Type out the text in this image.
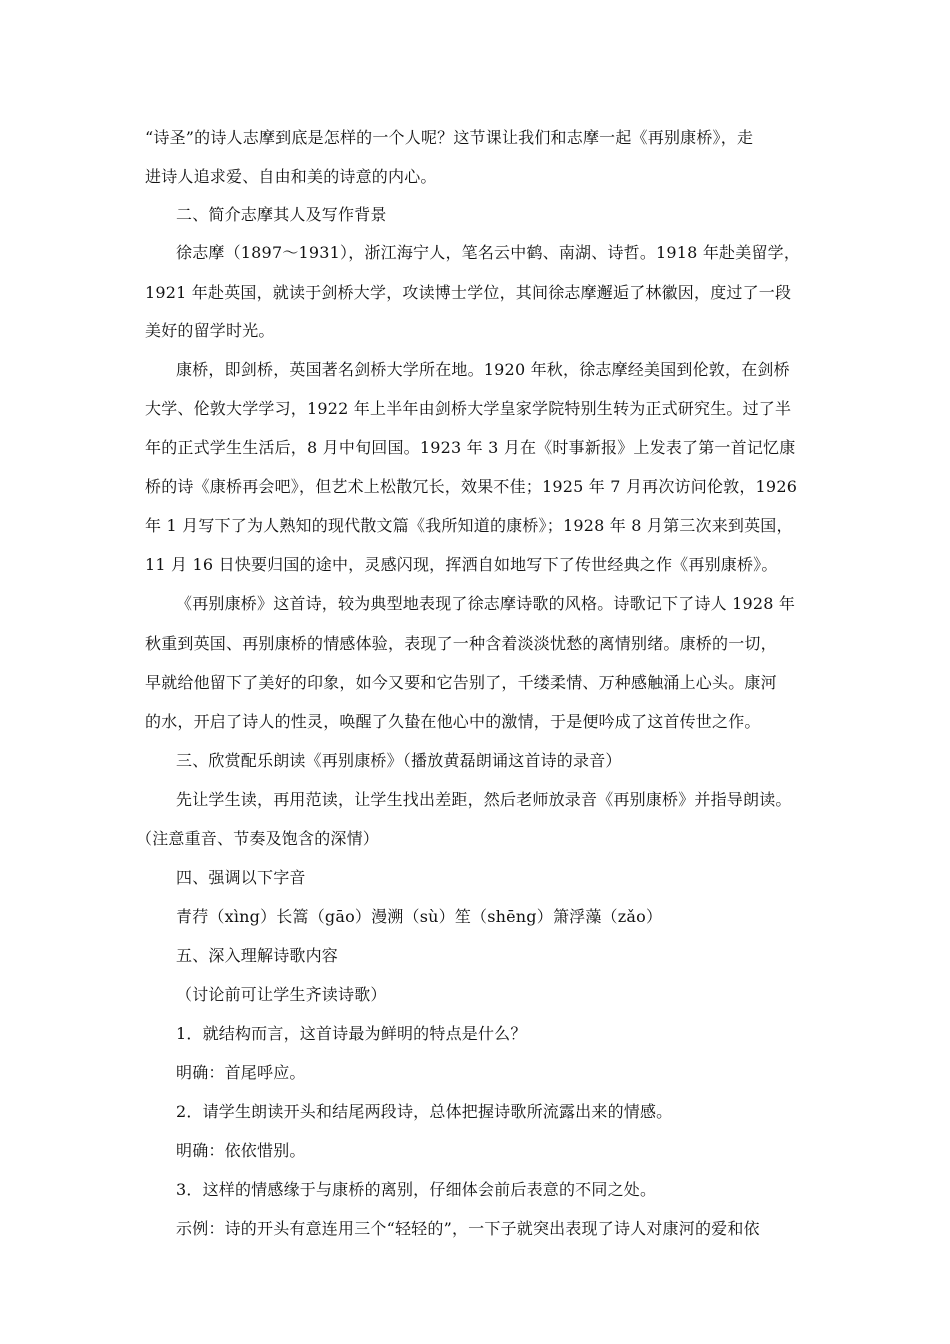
“诗圣”的诗人志摩到底是怎样的一个人呢？这节课让我们和志摩一起《再别康桥》，走
进诗人追求爱、自由和美的诗意的内心。
二、简介志摩其人及写作背景
徐志摩（1897～1931），浙江海宁人，笔名云中鹤、南湖、诗哲。1918 年赴美留学，
1921 年赴英国，就读于剑桥大学，攻读博士学位，其间徐志摩邂逅了林徽因，度过了一段
美好的留学时光。
康桥，即剑桥，英国著名剑桥大学所在地。1920 年秋，徐志摩经美国到伦敦，在剑桥
大学、伦敦大学学习，1922 年上半年由剑桥大学皇家学院特别生转为正式研究生。过了半
年的正式学生生活后，8 月中旬回国。1923 年 3 月在《时事新报》上发表了第一首记忆康
桥的诗《康桥再会吧》，但艺术上松散冗长，效果不佳；1925 年 7 月再次访问伦敦，1926
年 1 月写下了为人熟知的现代散文篇《我所知道的康桥》；1928 年 8 月第三次来到英国，
11 月 16 日快要归国的途中，灵感闪现，挥洒自如地写下了传世经典之作《再别康桥》。
《再别康桥》这首诗，较为典型地表现了徐志摩诗歌的风格。诗歌记下了诗人 1928 年
秋重到英国、再别康桥的情感体验，表现了一种含着淡淡忧愁的离情别绪。康桥的一切，
早就给他留下了美好的印象，如今又要和它告别了，千缕柔情、万种感触涌上心头。康河
的水，开启了诗人的性灵，唤醒了久蛰在他心中的激情，于是便吟成了这首传世之作。
三、欣赏配乐朗读《再别康桥》（播放黄磊朗诵这首诗的录音）
先让学生读，再用范读，让学生找出差距，然后老师放录音《再别康桥》并指导朗读。
（注意重音、节奏及饱含的深情）
四、强调以下字音
青荇（xìng）长篙（gāo）漫溯（sù）笙（shēng）箫浮藻（zǎo）
五、深入理解诗歌内容
（讨论前可让学生齐读诗歌）
1．就结构而言，这首诗最为鲜明的特点是什么？
明确：首尾呼应。
2．请学生朗读开头和结尾两段诗，总体把握诗歌所流露出来的情感。
明确：依依惜别。
3．这样的情感缘于与康桥的离别，仔细体会前后表意的不同之处。
示例：诗的开头有意连用三个“轻轻的”，一下子就突出表现了诗人对康河的爱和依
